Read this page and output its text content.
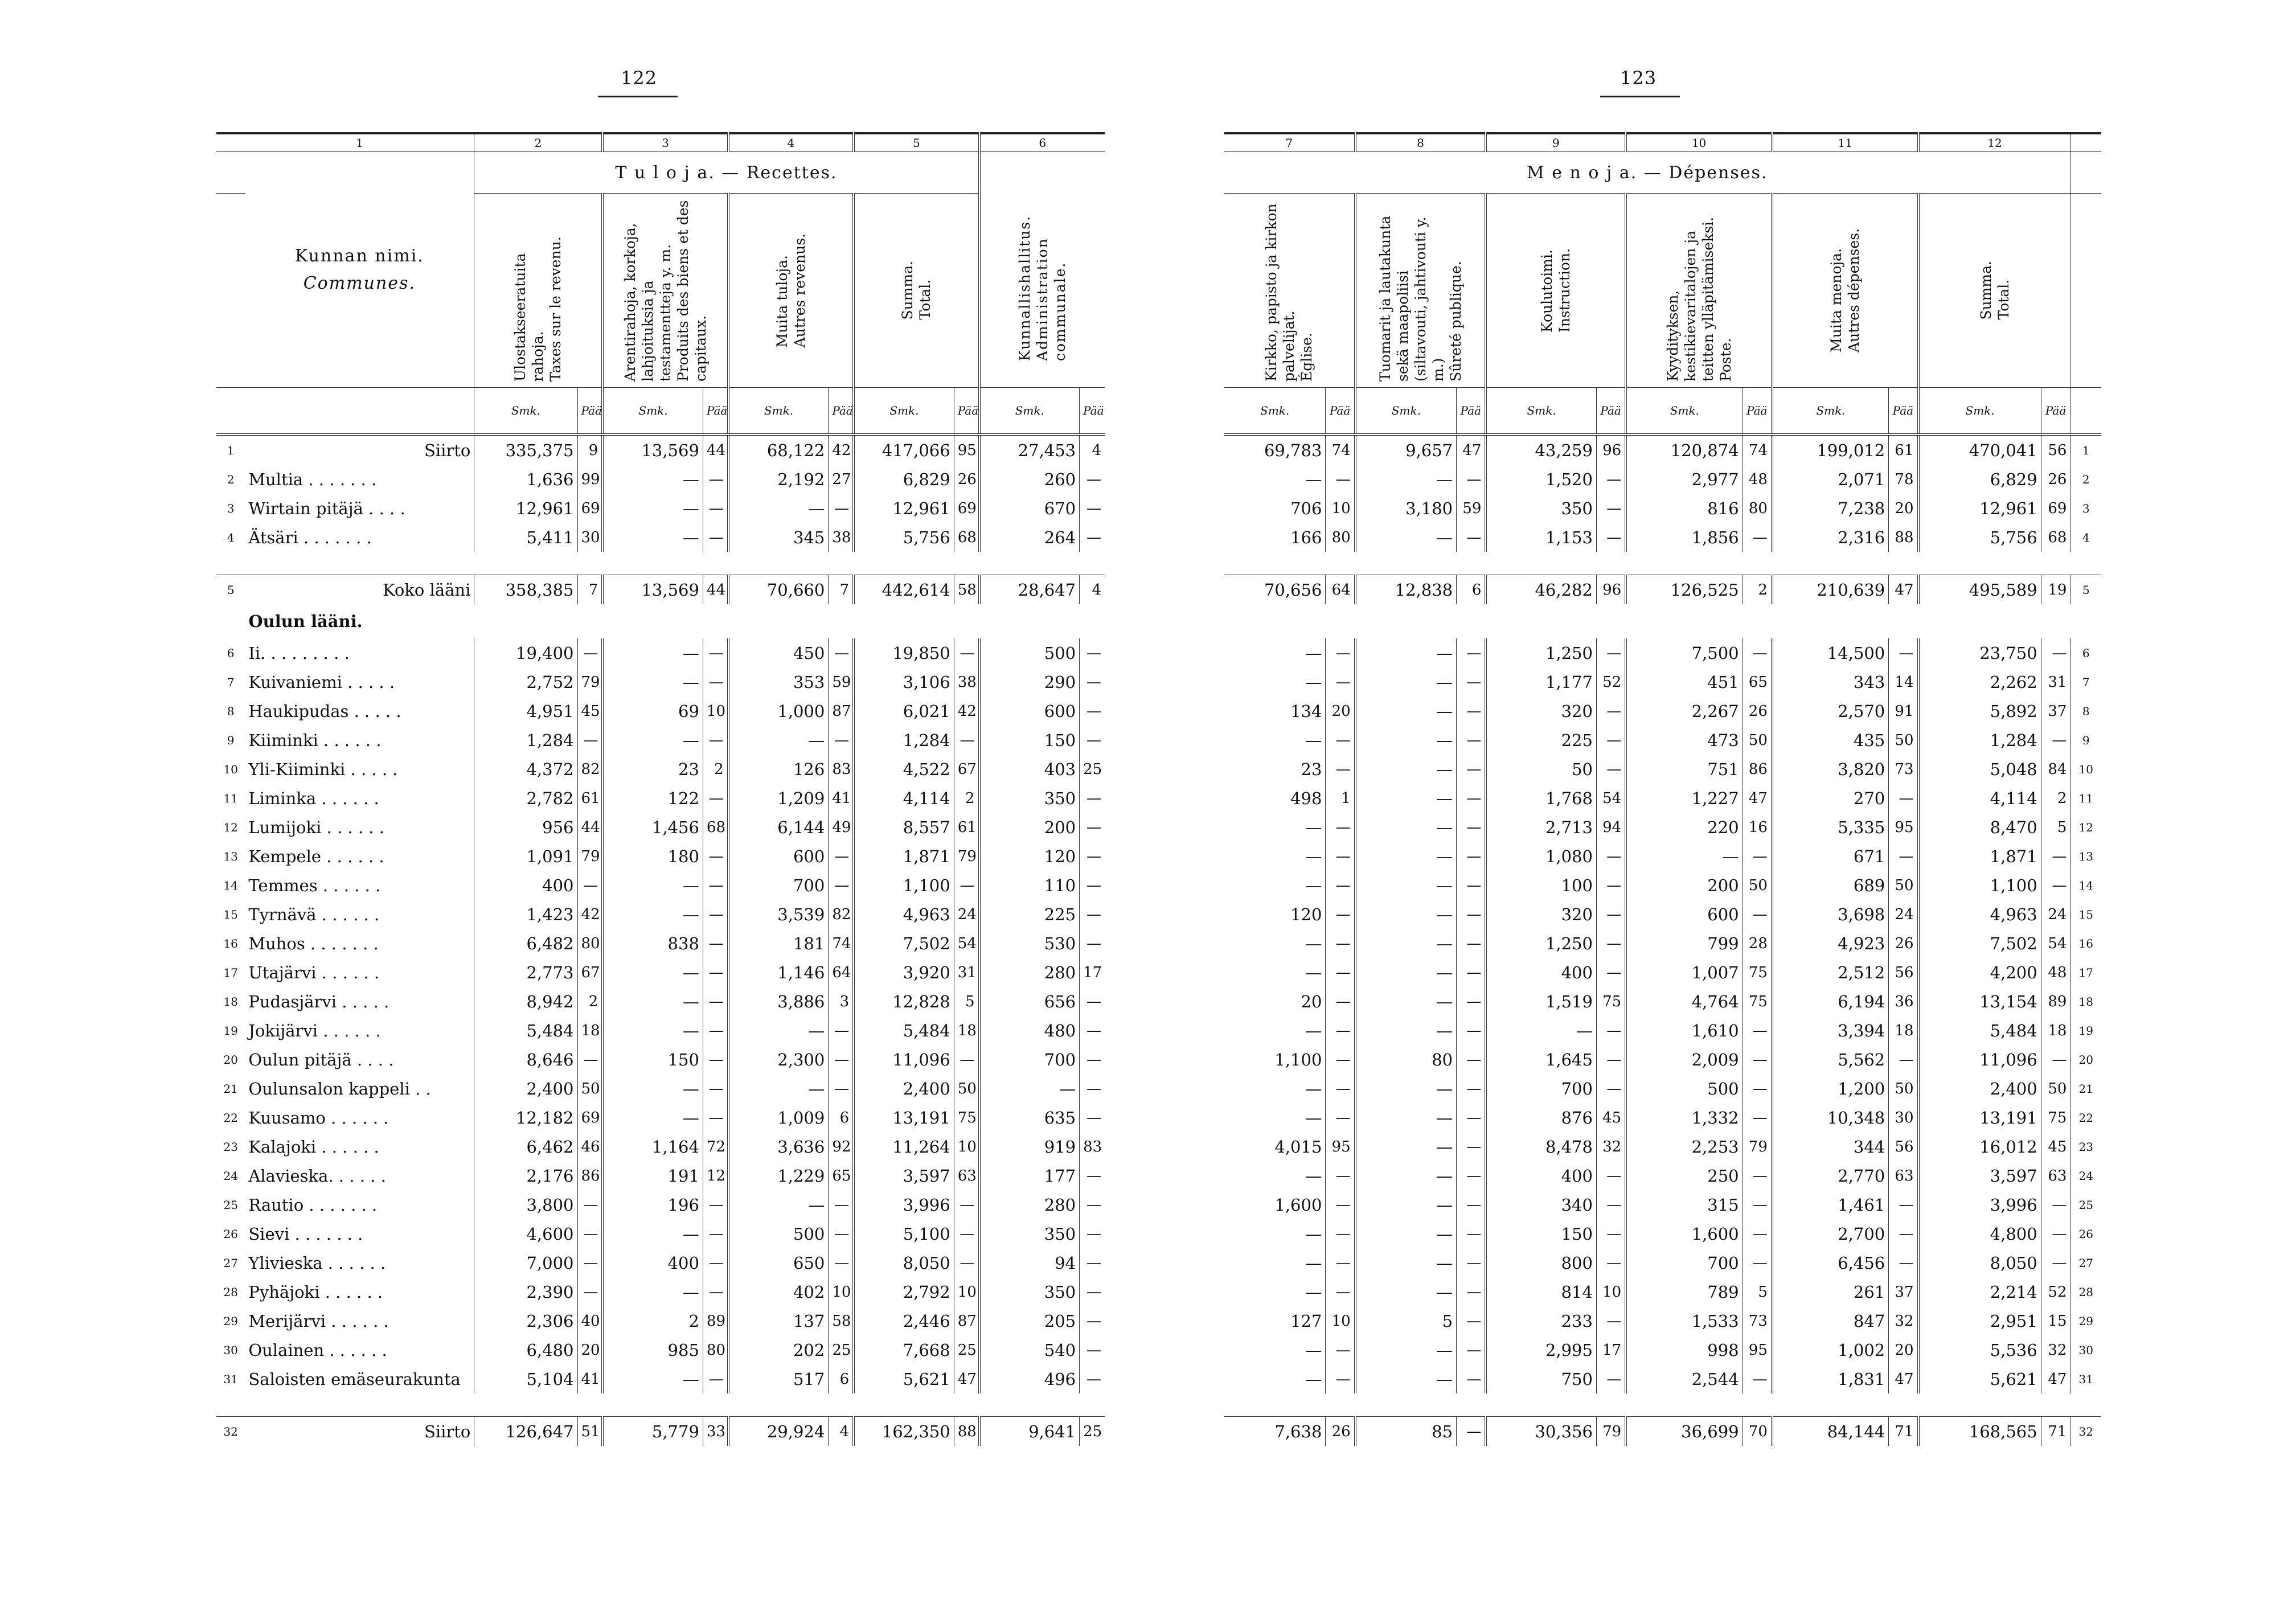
122	123
	1	2		3		4		5		6	
	Kunnan nimi.
Communes.	T u l o j a. — Recettes.								Kunnallishallitus.
Administration communale.	

		Ulostakseeratuita rahoja.
Taxes sur le revenu.		Arentirahoja, korkoja, lahjoituksia ja testamentteja y. m.
Produits des biens et des capitaux.		Muita tuloja.
Autres revenus.		Summa.
Total.			

		Smk.	Pää	Smk.	Pää	Smk.	Pää	Smk.	Pää	Smk.	Pää
1	Siirto	335,375	9	13,569	44	68,122	42	417,066	95	27,453	4
2	Multia . . . . . . .	1,636	99	—	—	2,192	27	6,829	26	260	—
3	Wirtain pitäjä . . . .	12,961	69	—	—	—	—	12,961	69	670	—
4	Ätsäri . . . . . . .	5,411	30	—	—	345	38	5,756	68	264	—

5	Koko lääni	358,385	7	13,569	44	70,660	7	442,614	58	28,647	4
	Oulun lääni.										
6	Ii. . . . . . . . .	19,400	—	—	—	450	—	19,850	—	500	—
7	Kuivaniemi . . . . .	2,752	79	—	—	353	59	3,106	38	290	—
8	Haukipudas . . . . .	4,951	45	69	10	1,000	87	6,021	42	600	—
9	Kiiminki . . . . . .	1,284	—	—	—	—	—	1,284	—	150	—
10	Yli-Kiiminki . . . . .	4,372	82	23	2	126	83	4,522	67	403	25
11	Liminka . . . . . .	2,782	61	122	—	1,209	41	4,114	2	350	—
12	Lumijoki . . . . . .	956	44	1,456	68	6,144	49	8,557	61	200	—
13	Kempele . . . . . .	1,091	79	180	—	600	—	1,871	79	120	—
14	Temmes . . . . . .	400	—	—	—	700	—	1,100	—	110	—
15	Tyrnävä . . . . . .	1,423	42	—	—	3,539	82	4,963	24	225	—
16	Muhos . . . . . . .	6,482	80	838	—	181	74	7,502	54	530	—
17	Utajärvi . . . . . .	2,773	67	—	—	1,146	64	3,920	31	280	17
18	Pudasjärvi . . . . .	8,942	2	—	—	3,886	3	12,828	5	656	—
19	Jokijärvi . . . . . .	5,484	18	—	—	—	—	5,484	18	480	—
20	Oulun pitäjä . . . .	8,646	—	150	—	2,300	—	11,096	—	700	—
21	Oulunsalon kappeli . .	2,400	50	—	—	—	—	2,400	50	—	—
22	Kuusamo . . . . . .	12,182	69	—	—	1,009	6	13,191	75	635	—
23	Kalajoki . . . . . .	6,462	46	1,164	72	3,636	92	11,264	10	919	83
24	Alavieska. . . . . .	2,176	86	191	12	1,229	65	3,597	63	177	—
25	Rautio . . . . . . .	3,800	—	196	—	—	—	3,996	—	280	—
26	Sievi . . . . . . .	4,600	—	—	—	500	—	5,100	—	350	—
27	Ylivieska . . . . . .	7,000	—	400	—	650	—	8,050	—	94	—
28	Pyhäjoki . . . . . .	2,390	—	—	—	402	10	2,792	10	350	—
29	Merijärvi . . . . . .	2,306	40	2	89	137	58	2,446	87	205	—
30	Oulainen . . . . . .	6,480	20	985	80	202	25	7,668	25	540	—
31	Saloisten emäseurakunta	5,104	41	—	—	517	6	5,621	47	496	—

32	Siirto	126,647	51	5,779	33	29,924	4	162,350	88	9,641	25
7		8		9		10		11		12		
M e n o j a. — Dépenses.												

Kirkko, papisto ja kirkon palvelijat.
Église.		Tuomarit ja lautakunta sekä maapoliisi (siltavouti, jahtivouti y. m.)
Sûreté publique.		Koulutoimi.
Instruction.		Kyydityksen, kestikievaritalojen ja teitten ylläpitämiseksi.
Poste.		Muita menoja.
Autres dépenses.		Summa.
Total.		

Smk.	Pää	Smk.	Pää	Smk.	Pää	Smk.	Pää	Smk.	Pää	Smk.	Pää	
69,783	74	9,657	47	43,259	96	120,874	74	199,012	61	470,041	56	1
—	—	—	—	1,520	—	2,977	48	2,071	78	6,829	26	2
706	10	3,180	59	350	—	816	80	7,238	20	12,961	69	3
166	80	—	—	1,153	—	1,856	—	2,316	88	5,756	68	4

70,656	64	12,838	6	46,282	96	126,525	2	210,639	47	495,589	19	5

—	—	—	—	1,250	—	7,500	—	14,500	—	23,750	—	6
—	—	—	—	1,177	52	451	65	343	14	2,262	31	7
134	20	—	—	320	—	2,267	26	2,570	91	5,892	37	8
—	—	—	—	225	—	473	50	435	50	1,284	—	9
23	—	—	—	50	—	751	86	3,820	73	5,048	84	10
498	1	—	—	1,768	54	1,227	47	270	—	4,114	2	11
—	—	—	—	2,713	94	220	16	5,335	95	8,470	5	12
—	—	—	—	1,080	—	—	—	671	—	1,871	—	13
—	—	—	—	100	—	200	50	689	50	1,100	—	14
120	—	—	—	320	—	600	—	3,698	24	4,963	24	15
—	—	—	—	1,250	—	799	28	4,923	26	7,502	54	16
—	—	—	—	400	—	1,007	75	2,512	56	4,200	48	17
20	—	—	—	1,519	75	4,764	75	6,194	36	13,154	89	18
—	—	—	—	—	—	1,610	—	3,394	18	5,484	18	19
1,100	—	80	—	1,645	—	2,009	—	5,562	—	11,096	—	20
—	—	—	—	700	—	500	—	1,200	50	2,400	50	21
—	—	—	—	876	45	1,332	—	10,348	30	13,191	75	22
4,015	95	—	—	8,478	32	2,253	79	344	56	16,012	45	23
—	—	—	—	400	—	250	—	2,770	63	3,597	63	24
1,600	—	—	—	340	—	315	—	1,461	—	3,996	—	25
—	—	—	—	150	—	1,600	—	2,700	—	4,800	—	26
—	—	—	—	800	—	700	—	6,456	—	8,050	—	27
—	—	—	—	814	10	789	5	261	37	2,214	52	28
127	10	5	—	233	—	1,533	73	847	32	2,951	15	29
—	—	—	—	2,995	17	998	95	1,002	20	5,536	32	30
—	—	—	—	750	—	2,544	—	1,831	47	5,621	47	31

7,638	26	85	—	30,356	79	36,699	70	84,144	71	168,565	71	32
